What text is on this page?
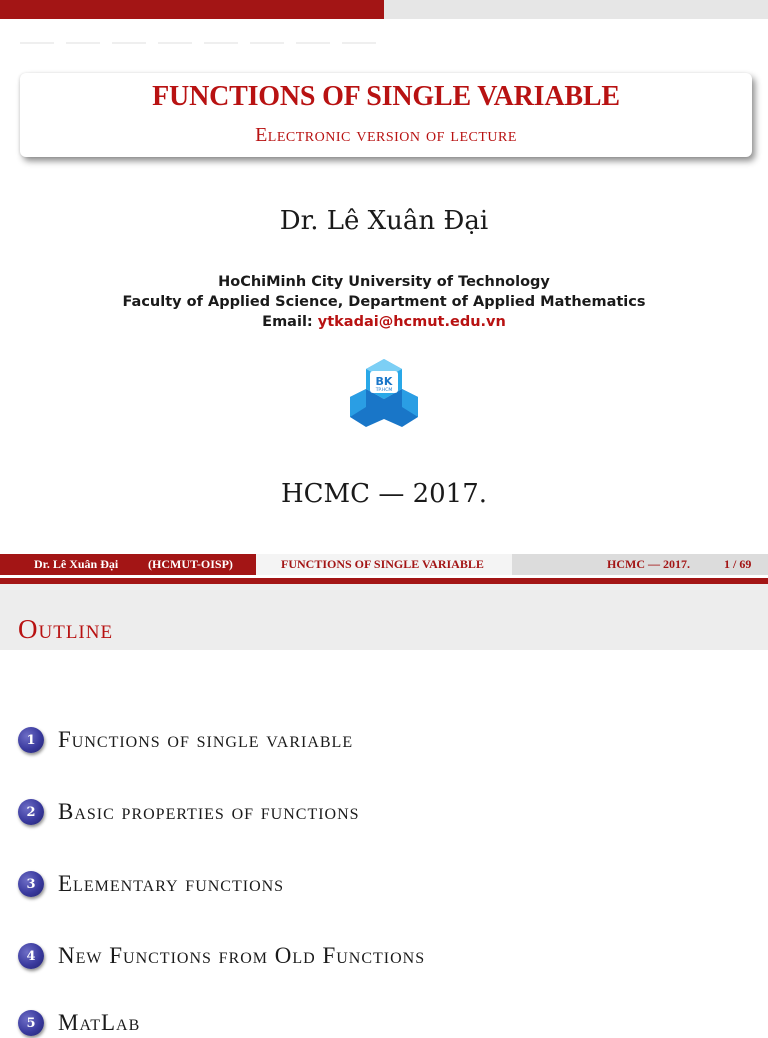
FUNCTIONS OF SINGLE VARIABLE
Electronic version of lecture
Dr. Lê Xuân Đại
HoChiMinh City University of Technology
Faculty of Applied Science, Department of Applied Mathematics
Email: ytkadai@hcmut.edu.vn
BK
TP.HCM
HCMC — 2017.
Dr. Lê Xuân Đại (HCMUT-OISP)	FUNCTIONS OF SINGLE VARIABLE	HCMC — 2017.	1 / 69
Outline
1 Functions of single variable
2 Basic properties of functions
3 Elementary functions
4 New Functions from Old Functions
5 MatLab
